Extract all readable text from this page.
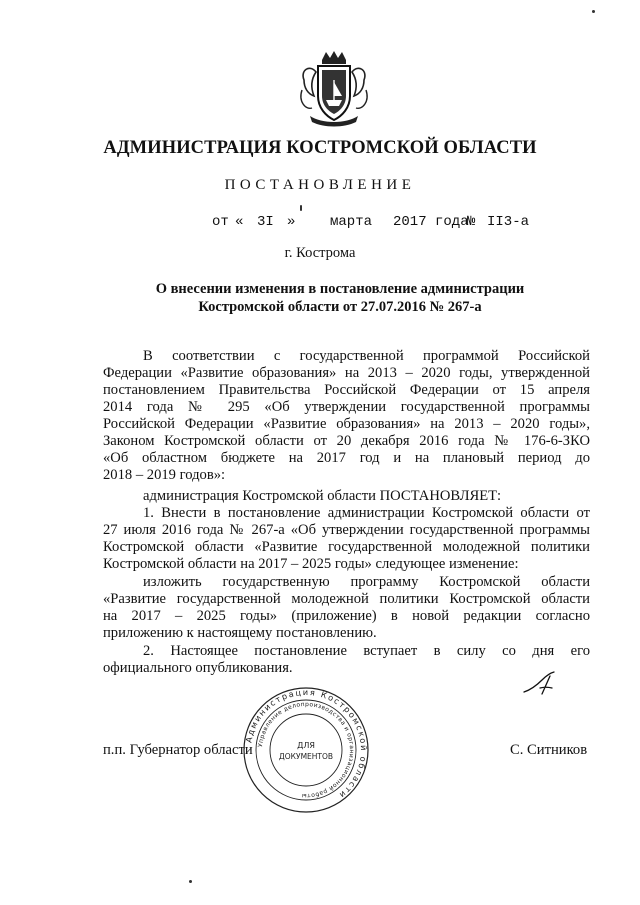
АДМИНИСТРАЦИЯ КОСТРОМСКОЙ ОБЛАСТИ
ПОСТАНОВЛЕНИЕ
от « 3I » марта 2017 года
№ II3-а
г. Кострома
О внесении изменения в постановление администрации
Костромской области от 27.07.2016 № 267-а
В соответствии с государственной программой Российской
Федерации «Развитие образования» на 2013 – 2020 годы, утвержденной
постановлением Правительства Российской Федерации от 15 апреля
2014 года № 295 «Об утверждении государственной программы
Российской Федерации «Развитие образования» на 2013 – 2020 годы»,
Законом Костромской области от 20 декабря 2016 года № 176-6-ЗКО
«Об областном бюджете на 2017 год и на плановый период до
2018 – 2019 годов»:
администрация Костромской области ПОСТАНОВЛЯЕТ:
1. Внести в постановление администрации Костромской области от
27 июля 2016 года № 267-а «Об утверждении государственной программы
Костромской области «Развитие государственной молодежной политики
Костромской области на 2017 – 2025 годы» следующее изменение:
изложить государственную программу Костромской области
«Развитие государственной молодежной политики Костромской области
на 2017 – 2025 годы» (приложение) в новой редакции согласно
приложению к настоящему постановлению.
2. Настоящее постановление вступает в силу со дня его
официального опубликования.
п.п. Губернатор области	С. Ситников
Администрация Костромской области
Управление делопроизводства и организационной работы
ДЛЯ
ДОКУМЕНТОВ
